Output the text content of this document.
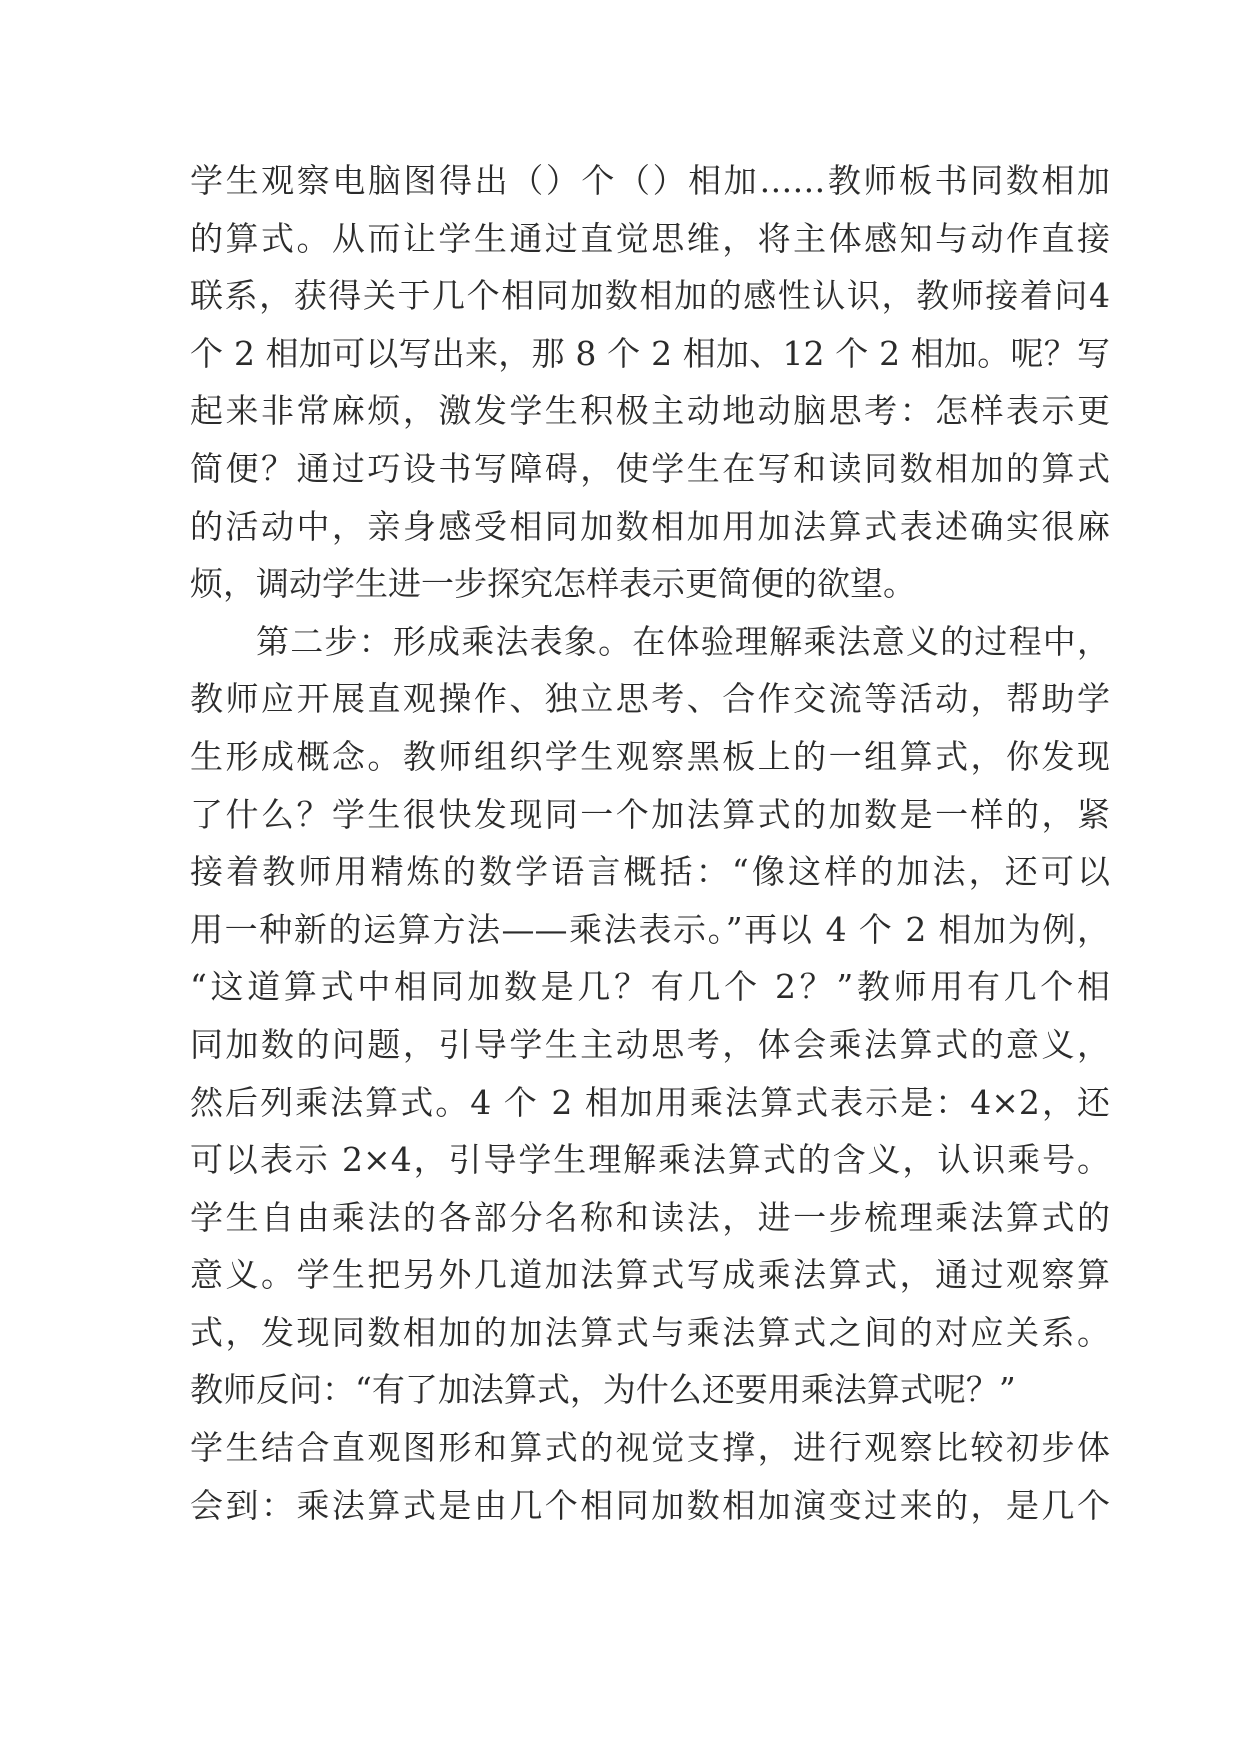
学生观察电脑图得出（）个（）相加……教师板书同数相加
的算式。从而让学生通过直觉思维，将主体感知与动作直接
联系，获得关于几个相同加数相加的感性认识，教师接着问4
个 2 相加可以写出来，那 8 个 2 相加、12 个 2 相加。呢？写
起来非常麻烦，激发学生积极主动地动脑思考：怎样表示更
简便？通过巧设书写障碍，使学生在写和读同数相加的算式
的活动中，亲身感受相同加数相加用加法算式表述确实很麻
烦，调动学生进一步探究怎样表示更简便的欲望。
第二步：形成乘法表象。在体验理解乘法意义的过程中，
教师应开展直观操作、独立思考、合作交流等活动，帮助学
生形成概念。教师组织学生观察黑板上的一组算式，你发现
了什么？学生很快发现同一个加法算式的加数是一样的，紧
接着教师用精炼的数学语言概括：“像这样的加法，还可以
用一种新的运算方法——乘法表示。”再以 4 个 2 相加为例，
“这道算式中相同加数是几？有几个 2？”教师用有几个相
同加数的问题，引导学生主动思考，体会乘法算式的意义，
然后列乘法算式。4 个 2 相加用乘法算式表示是：4×2，还
可以表示 2×4，引导学生理解乘法算式的含义，认识乘号。
学生自由乘法的各部分名称和读法，进一步梳理乘法算式的
意义。学生把另外几道加法算式写成乘法算式，通过观察算
式，发现同数相加的加法算式与乘法算式之间的对应关系。
教师反问：“有了加法算式，为什么还要用乘法算式呢？”
学生结合直观图形和算式的视觉支撑，进行观察比较初步体
会到：乘法算式是由几个相同加数相加演变过来的，是几个
